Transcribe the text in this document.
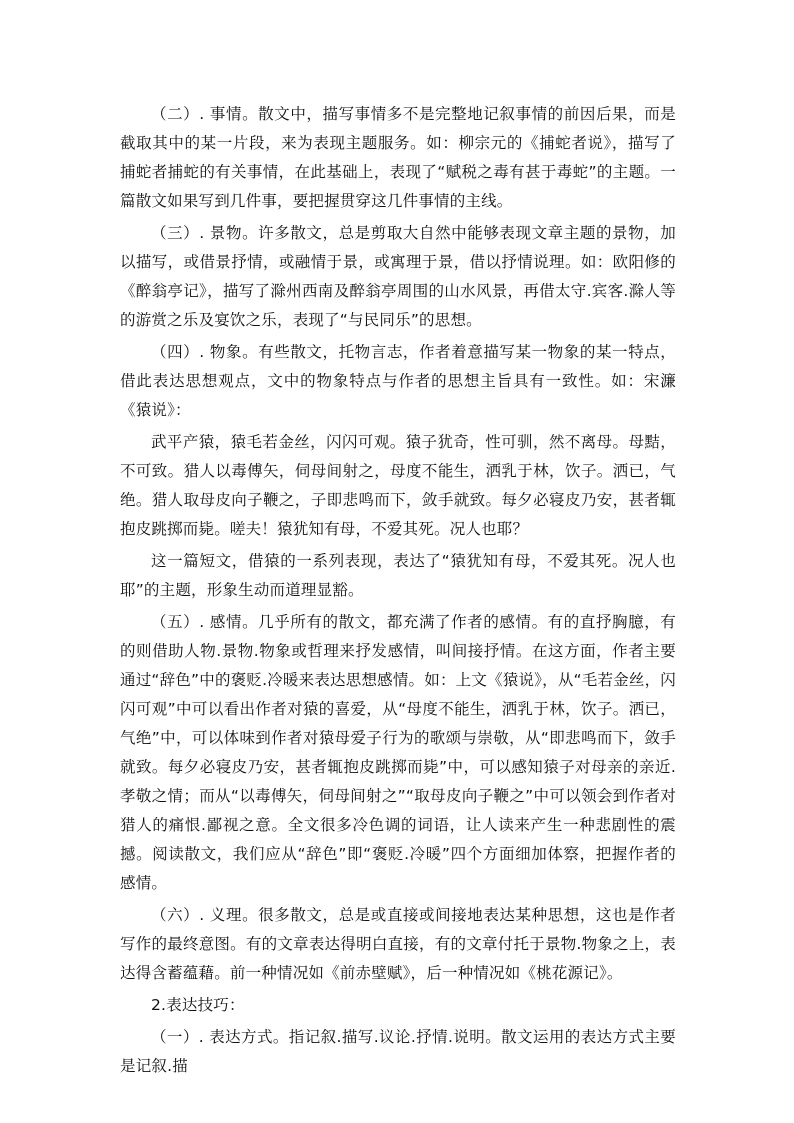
（二）. 事情。散文中，描写事情多不是完整地记叙事情的前因后果，而是截取其中的某一片段，来为表现主题服务。如：柳宗元的《捕蛇者说》，描写了捕蛇者捕蛇的有关事情，在此基础上，表现了“赋税之毒有甚于毒蛇”的主题。一篇散文如果写到几件事，要把握贯穿这几件事情的主线。

（三）. 景物。许多散文，总是剪取大自然中能够表现文章主题的景物，加以描写，或借景抒情，或融情于景，或寓理于景，借以抒情说理。如：欧阳修的《醉翁亭记》，描写了滁州西南及醉翁亭周围的山水风景，再借太守.宾客.滁人等的游赏之乐及宴饮之乐，表现了“与民同乐”的思想。

（四）. 物象。有些散文，托物言志，作者着意描写某一物象的某一特点，借此表达思想观点，文中的物象特点与作者的思想主旨具有一致性。如：宋濂《猿说》：

武平产猿，猿毛若金丝，闪闪可观。猿子犹奇，性可驯，然不离母。母黠，不可致。猎人以毒傅矢，伺母间射之，母度不能生，洒乳于林，饮子。洒已，气绝。猎人取母皮向子鞭之，子即悲鸣而下，敛手就致。每夕必寝皮乃安，甚者辄抱皮跳掷而毙。嗟夫！猿犹知有母，不爱其死。况人也耶？

这一篇短文，借猿的一系列表现，表达了“猿犹知有母，不爱其死。况人也耶”的主题，形象生动而道理显豁。

（五）. 感情。几乎所有的散文，都充满了作者的感情。有的直抒胸臆，有的则借助人物.景物.物象或哲理来抒发感情，叫间接抒情。在这方面，作者主要通过“辞色”中的褒贬.冷暖来表达思想感情。如：上文《猿说》，从“毛若金丝，闪闪可观”中可以看出作者对猿的喜爱，从“母度不能生，洒乳于林，饮子。洒已，气绝”中，可以体味到作者对猿母爱子行为的歌颂与崇敬，从“即悲鸣而下，敛手就致。每夕必寝皮乃安，甚者辄抱皮跳掷而毙”中，可以感知猿子对母亲的亲近.孝敬之情；而从“以毒傅矢，伺母间射之”“取母皮向子鞭之”中可以领会到作者对猎人的痛恨.鄙视之意。全文很多冷色调的词语，让人读来产生一种悲剧性的震撼。阅读散文，我们应从“辞色”即“褒贬.冷暖”四个方面细加体察，把握作者的感情。

（六）. 义理。很多散文，总是或直接或间接地表达某种思想，这也是作者写作的最终意图。有的文章表达得明白直接，有的文章付托于景物.物象之上，表达得含蓄蕴藉。前一种情况如《前赤壁赋》，后一种情况如《桃花源记》。

2.表达技巧：

（一）. 表达方式。指记叙.描写.议论.抒情.说明。散文运用的表达方式主要是记叙.描
